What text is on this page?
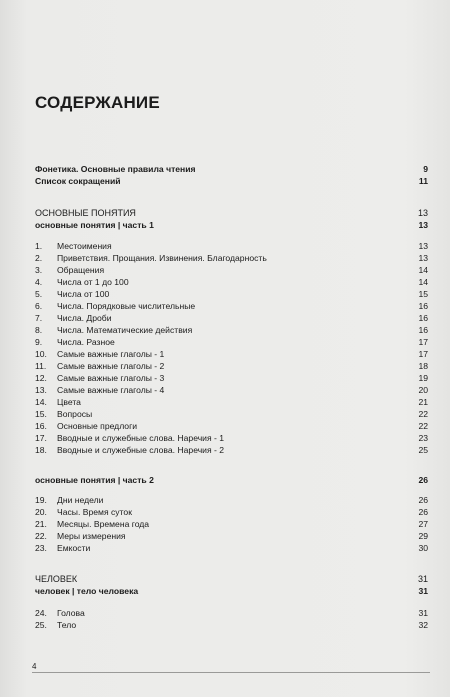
СОДЕРЖАНИЕ
Фонетика. Основные правила чтения	9
Список сокращений	11
ОСНОВНЫЕ ПОНЯТИЯ	13
основные понятия | часть 1	13
1. Местоимения	13
2. Приветствия. Прощания. Извинения. Благодарность	13
3. Обращения	14
4. Числа от 1 до 100	14
5. Числа от 100	15
6. Числа. Порядковые числительные	16
7. Числа. Дроби	16
8. Числа. Математические действия	16
9. Числа. Разное	17
10. Самые важные глаголы - 1	17
11. Самые важные глаголы - 2	18
12. Самые важные глаголы - 3	19
13. Самые важные глаголы - 4	20
14. Цвета	21
15. Вопросы	22
16. Основные предлоги	22
17. Вводные и служебные слова. Наречия - 1	23
18. Вводные и служебные слова. Наречия - 2	25
основные понятия | часть 2	26
19. Дни недели	26
20. Часы. Время суток	26
21. Месяцы. Времена года	27
22. Меры измерения	29
23. Емкости	30
ЧЕЛОВЕК	31
человек | тело человека	31
24. Голова	31
25. Тело	32
4
